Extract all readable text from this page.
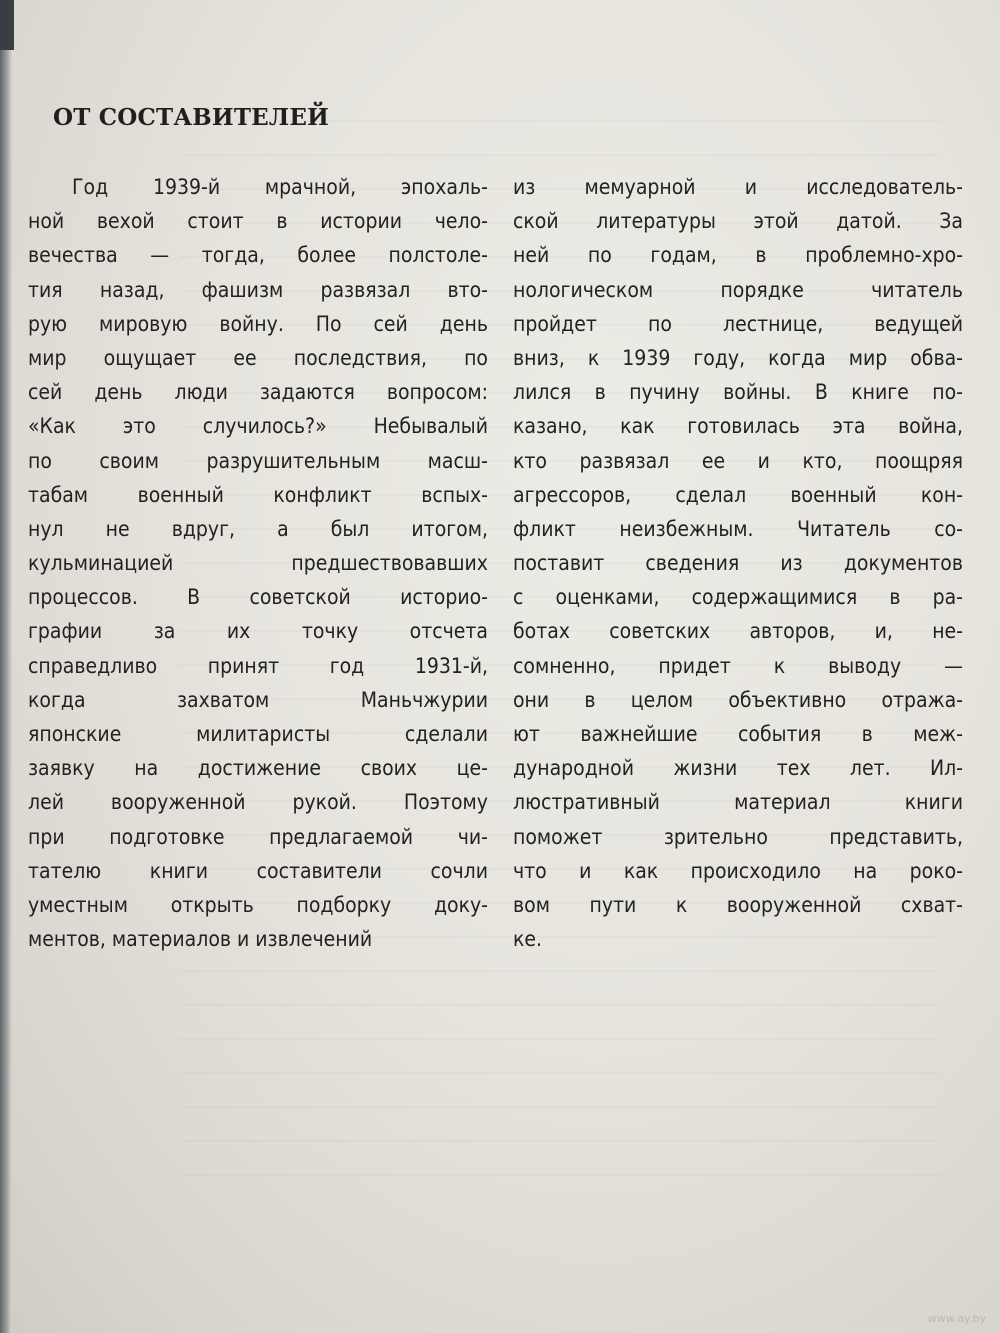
ОТ СОСТАВИТЕЛЕЙ
Год 1939-й мрачной, эпохаль-
ной вехой стоит в истории чело-
вечества — тогда, более полстоле-
тия назад, фашизм развязал вто-
рую мировую войну. По сей день
мир ощущает ее последствия, по
сей день люди задаются вопросом:
«Как это случилось?» Небывалый
по своим разрушительным масш-
табам военный конфликт вспых-
нул не вдруг, а был итогом,
кульминацией предшествовавших
процессов. В советской историо-
графии за их точку отсчета
справедливо принят год 1931-й,
когда захватом Маньчжурии
японские милитаристы сделали
заявку на достижение своих це-
лей вооруженной рукой. Поэтому
при подготовке предлагаемой чи-
тателю книги составители сочли
уместным открыть подборку доку-
ментов, материалов и извлечений
из мемуарной и исследователь-
ской литературы этой датой. За
ней по годам, в проблемно-хро-
нологическом порядке читатель
пройдет по лестнице, ведущей
вниз, к 1939 году, когда мир обва-
лился в пучину войны. В книге по-
казано, как готовилась эта война,
кто развязал ее и кто, поощряя
агрессоров, сделал военный кон-
фликт неизбежным. Читатель со-
поставит сведения из документов
с оценками, содержащимися в ра-
ботах советских авторов, и, не-
сомненно, придет к выводу —
они в целом объективно отража-
ют важнейшие события в меж-
дународной жизни тех лет. Ил-
люстративный материал книги
поможет зрительно представить,
что и как происходило на роко-
вом пути к вооруженной схват-
ке.
www.ay.by
